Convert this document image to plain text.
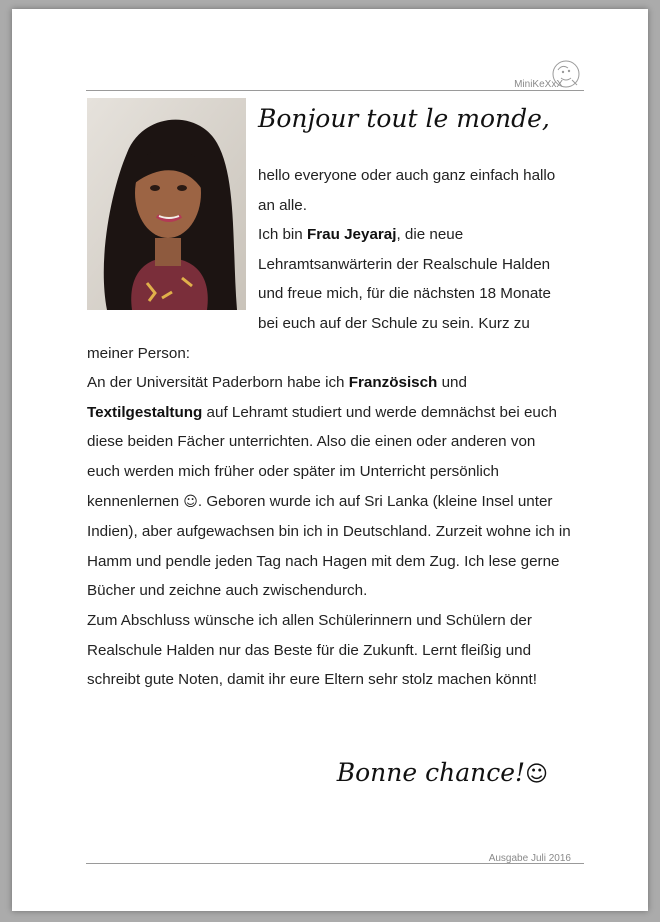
MiniKeXxX
Bonjour tout le monde,

hello everyone oder auch ganz einfach hallo an alle.

Ich bin Frau Jeyaraj, die neue Lehramtsanwärterin der Realschule Halden und freue mich, für die nächsten 18 Monate bei euch auf der Schule zu sein. Kurz zu meiner Person:

An der Universität Paderborn habe ich Französisch und Textilgestaltung auf Lehramt studiert und werde demnächst bei euch diese beiden Fächer unterrichten. Also die einen oder anderen von euch werden mich früher oder später im Unterricht persönlich kennenlernen ☺. Geboren wurde ich auf Sri Lanka (kleine Insel unter Indien), aber aufgewachsen bin ich in Deutschland. Zurzeit wohne ich in Hamm und pendle jeden Tag nach Hagen mit dem Zug. Ich lese gerne Bücher und zeichne auch zwischendurch.

Zum Abschluss wünsche ich allen Schülerinnern und Schülern der Realschule Halden nur das Beste für die Zukunft. Lernt fleißig und schreibt gute Noten, damit ihr eure Eltern sehr stolz machen könnt!

Bonne chance!☺
Ausgabe Juli 2016
